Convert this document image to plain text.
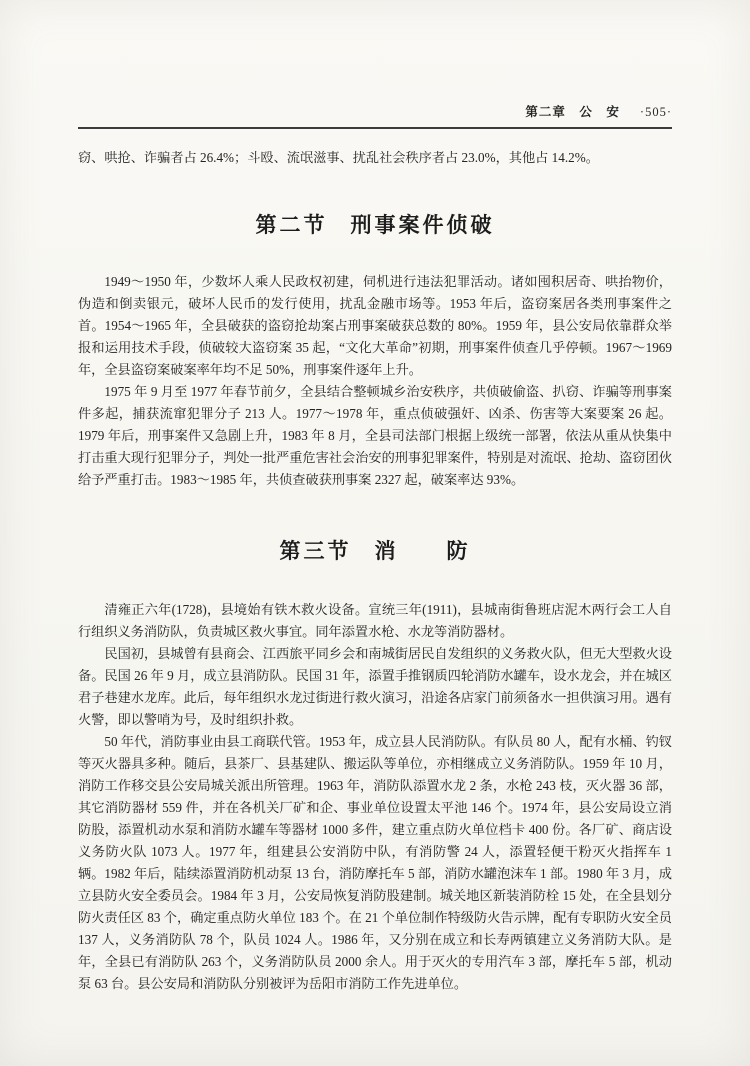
第二章　公　安 ·505·

窃、哄抢、诈骗者占 26.4%；斗殴、流氓滋事、扰乱社会秩序者占 23.0%，其他占 14.2%。

第二节 刑事案件侦破

1949～1950 年，少数坏人乘人民政权初建，伺机进行违法犯罪活动。诸如囤积居奇、哄抬物价，伪造和倒卖银元，破坏人民币的发行使用，扰乱金融市场等。1953 年后，盗窃案居各类刑事案件之首。1954～1965 年，全县破获的盗窃抢劫案占刑事案破获总数的 80%。1959 年，县公安局依靠群众举报和运用技术手段，侦破较大盗窃案 35 起，“文化大革命”初期，刑事案件侦查几乎停顿。1967～1969 年，全县盗窃案破案率年均不足 50%，刑事案件逐年上升。

1975 年 9 月至 1977 年春节前夕，全县结合整顿城乡治安秩序，共侦破偷盗、扒窃、诈骗等刑事案件多起，捕获流窜犯罪分子 213 人。1977～1978 年，重点侦破强奸、凶杀、伤害等大案要案 26 起。1979 年后，刑事案件又急剧上升，1983 年 8 月，全县司法部门根据上级统一部署，依法从重从快集中打击重大现行犯罪分子，判处一批严重危害社会治安的刑事犯罪案件，特别是对流氓、抢劫、盗窃团伙给予严重打击。1983～1985 年，共侦查破获刑事案 2327 起，破案率达 93%。

第三节 消　　防

清雍正六年(1728)，县境始有铁木救火设备。宣统三年(1911)，县城南街鲁班店泥木两行会工人自行组织义务消防队，负责城区救火事宜。同年添置水枪、水龙等消防器材。

民国初，县城曾有县商会、江西旅平同乡会和南城街居民自发组织的义务救火队，但无大型救火设备。民国 26 年 9 月，成立县消防队。民国 31 年，添置手推钢质四轮消防水罐车，设水龙会，并在城区君子巷建水龙库。此后，每年组织水龙过街进行救火演习，沿途各店家门前须备水一担供演习用。遇有火警，即以警哨为号，及时组织扑救。

50 年代，消防事业由县工商联代管。1953 年，成立县人民消防队。有队员 80 人，配有水桶、钓钗等灭火器具多种。随后，县茶厂、县基建队、搬运队等单位，亦相继成立义务消防队。1959 年 10 月，消防工作移交县公安局城关派出所管理。1963 年，消防队添置水龙 2 条，水枪 243 枝，灭火器 36 部，其它消防器材 559 件，并在各机关厂矿和企、事业单位设置太平池 146 个。1974 年，县公安局设立消防股，添置机动水泵和消防水罐车等器材 1000 多件，建立重点防火单位档卡 400 份。各厂矿、商店设义务防火队 1073 人。1977 年，组建县公安消防中队，有消防警 24 人，添置轻便干粉灭火指挥车 1 辆。1982 年后，陆续添置消防机动泵 13 台，消防摩托车 5 部，消防水罐泡沫车 1 部。1980 年 3 月，成立县防火安全委员会。1984 年 3 月，公安局恢复消防股建制。城关地区新装消防栓 15 处，在全县划分防火责任区 83 个，确定重点防火单位 183 个。在 21 个单位制作特级防火告示牌，配有专职防火安全员 137 人，义务消防队 78 个，队员 1024 人。1986 年，又分别在成立和长寿两镇建立义务消防大队。是年，全县已有消防队 263 个，义务消防队员 2000 余人。用于灭火的专用汽车 3 部，摩托车 5 部，机动泵 63 台。县公安局和消防队分别被评为岳阳市消防工作先进单位。
